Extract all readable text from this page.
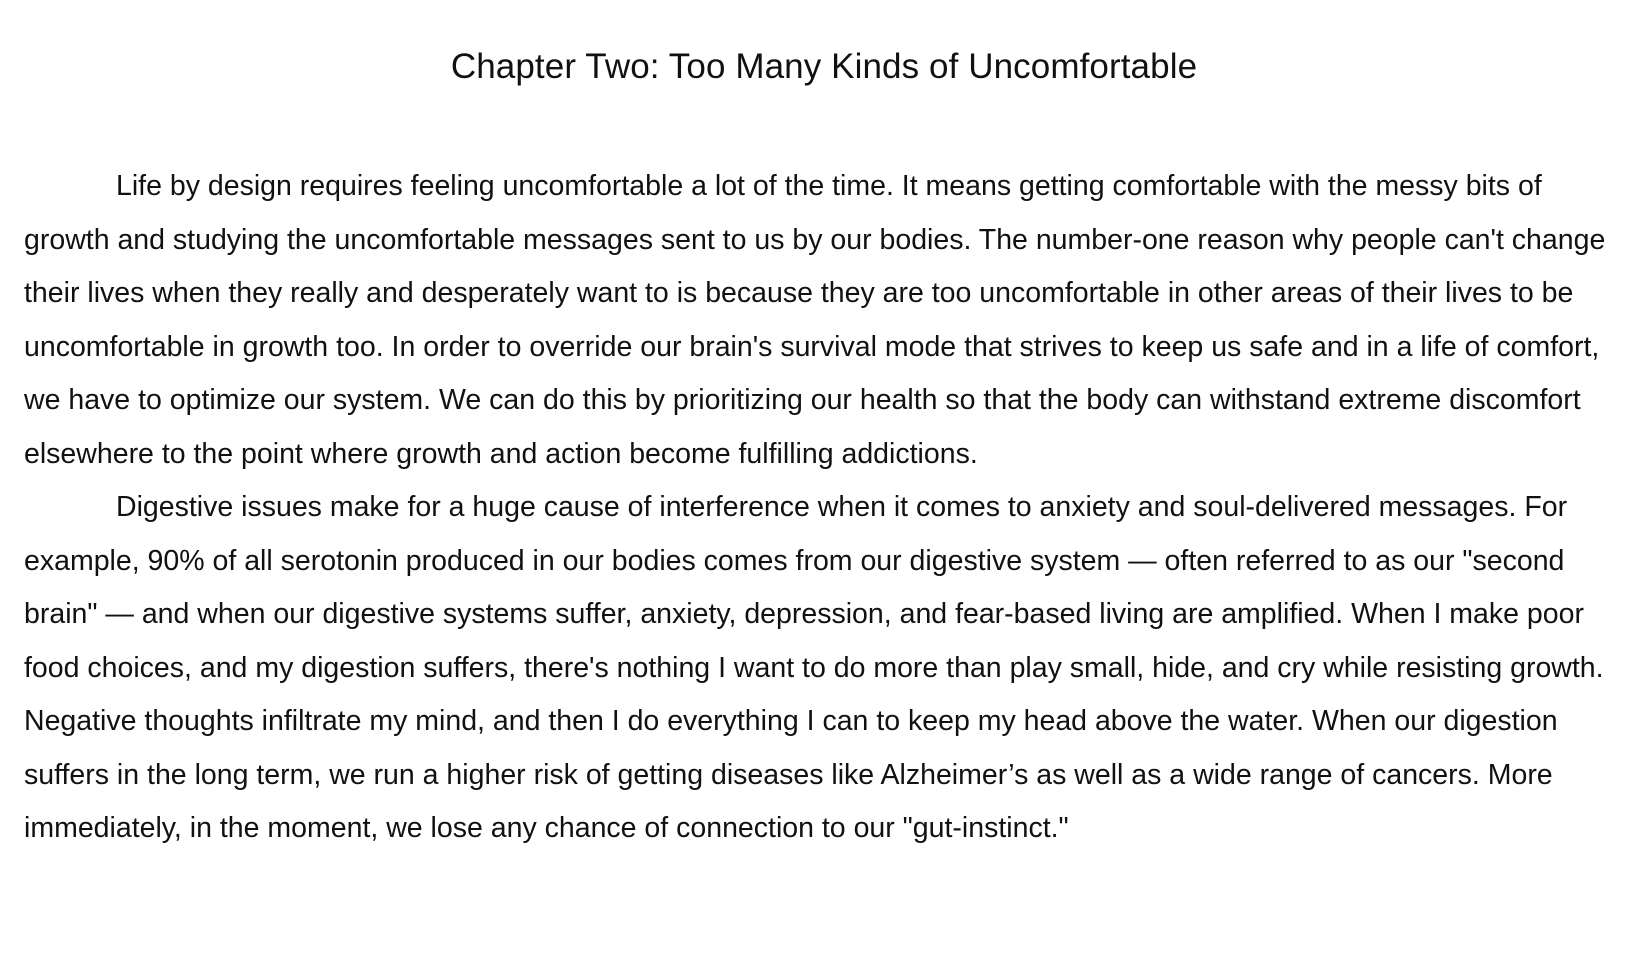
Chapter Two: Too Many Kinds of Uncomfortable

Life by design requires feeling uncomfortable a lot of the time. It means getting comfortable with the messy bits of growth and studying the uncomfortable messages sent to us by our bodies. The number-one reason why people can't change their lives when they really and desperately want to is because they are too uncomfortable in other areas of their lives to be uncomfortable in growth too. In order to override our brain's survival mode that strives to keep us safe and in a life of comfort, we have to optimize our system. We can do this by prioritizing our health so that the body can withstand extreme discomfort elsewhere to the point where growth and action become fulfilling addictions.

Digestive issues make for a huge cause of interference when it comes to anxiety and soul-delivered messages. For example, 90% of all serotonin produced in our bodies comes from our digestive system — often referred to as our "second brain" — and when our digestive systems suffer, anxiety, depression, and fear-based living are amplified. When I make poor food choices, and my digestion suffers, there's nothing I want to do more than play small, hide, and cry while resisting growth. Negative thoughts infiltrate my mind, and then I do everything I can to keep my head above the water. When our digestion suffers in the long term, we run a higher risk of getting diseases like Alzheimer’s as well as a wide range of cancers. More immediately, in the moment, we lose any chance of connection to our "gut-instinct."
